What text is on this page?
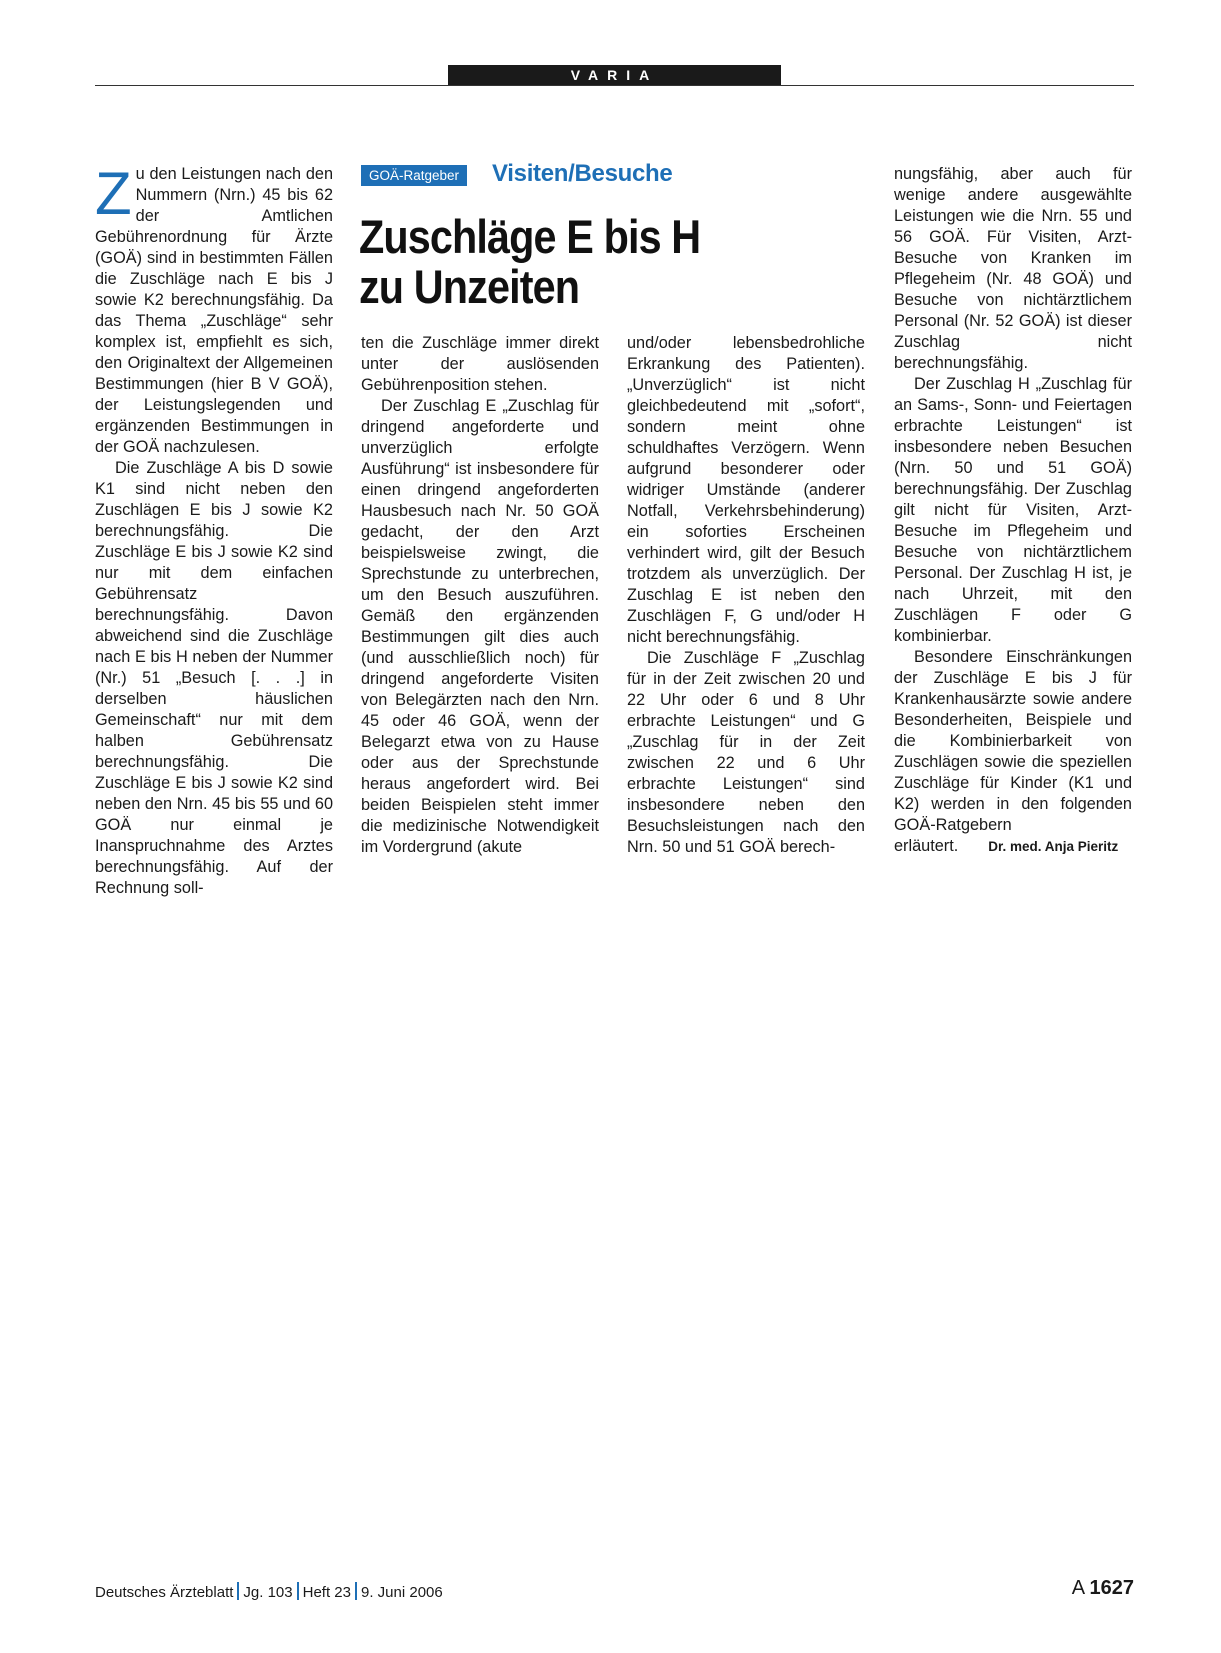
VARIA

Zu den Leistungen nach den Nummern (Nrn.) 45 bis 62 der Amtlichen Gebührenordnung für Ärzte (GOÄ) sind in bestimmten Fällen die Zuschläge nach E bis J sowie K2 berechnungsfähig. Da das Thema „Zuschläge“ sehr komplex ist, empfiehlt es sich, den Originaltext der Allgemeinen Bestimmungen (hier B V GOÄ), der Leistungslegenden und ergänzenden Bestimmungen in der GOÄ nachzulesen.

Die Zuschläge A bis D sowie K1 sind nicht neben den Zuschlägen E bis J sowie K2 berechnungsfähig. Die Zuschläge E bis J sowie K2 sind nur mit dem einfachen Gebührensatz berechnungsfähig. Davon abweichend sind die Zuschläge nach E bis H neben der Nummer (Nr.) 51 „Besuch [. . .] in derselben häuslichen Gemeinschaft“ nur mit dem halben Gebührensatz berechnungsfähig. Die Zuschläge E bis J sowie K2 sind neben den Nrn. 45 bis 55 und 60 GOÄ nur einmal je Inanspruchnahme des Arztes berechnungsfähig. Auf der Rechnung soll-

GOÄ-Ratgeber	Visiten/Besuche
Zuschläge E bis H
zu Unzeiten

ten die Zuschläge immer direkt unter der auslösenden Gebührenposition stehen.

Der Zuschlag E „Zuschlag für dringend angeforderte und unverzüglich erfolgte Ausführung“ ist insbesondere für einen dringend angeforderten Hausbesuch nach Nr. 50 GOÄ gedacht, der den Arzt beispielsweise zwingt, die Sprechstunde zu unterbrechen, um den Besuch auszuführen. Gemäß den ergänzenden Bestimmungen gilt dies auch (und ausschließlich noch) für dringend angeforderte Visiten von Belegärzten nach den Nrn. 45 oder 46 GOÄ, wenn der Belegarzt etwa von zu Hause oder aus der Sprechstunde heraus angefordert wird. Bei beiden Beispielen steht immer die medizinische Notwendigkeit im Vordergrund (akute

und/oder lebensbedrohliche Erkrankung des Patienten). „Unverzüglich“ ist nicht gleichbedeutend mit „sofort“, sondern meint ohne schuldhaftes Verzögern. Wenn aufgrund besonderer oder widriger Umstände (anderer Notfall, Verkehrsbehinderung) ein soforties Erscheinen verhindert wird, gilt der Besuch trotzdem als unverzüglich. Der Zuschlag E ist neben den Zuschlägen F, G und/oder H nicht berechnungsfähig.

Die Zuschläge F „Zuschlag für in der Zeit zwischen 20 und 22 Uhr oder 6 und 8 Uhr erbrachte Leistungen“ und G „Zuschlag für in der Zeit zwischen 22 und 6 Uhr erbrachte Leistungen“ sind insbesondere neben den Besuchsleistungen nach den Nrn. 50 und 51 GOÄ berech-

nungsfähig, aber auch für wenige andere ausgewählte Leistungen wie die Nrn. 55 und 56 GOÄ. Für Visiten, Arzt-Besuche von Kranken im Pflegeheim (Nr. 48 GOÄ) und Besuche von nichtärztlichem Personal (Nr. 52 GOÄ) ist dieser Zuschlag nicht berechnungsfähig.

Der Zuschlag H „Zuschlag für an Sams-, Sonn- und Feiertagen erbrachte Leistungen“ ist insbesondere neben Besuchen (Nrn. 50 und 51 GOÄ) berechnungsfähig. Der Zuschlag gilt nicht für Visiten, Arzt-Besuche im Pflegeheim und Besuche von nichtärztlichem Personal. Der Zuschlag H ist, je nach Uhrzeit, mit den Zuschlägen F oder G kombinierbar.

Besondere Einschränkungen der Zuschläge E bis J für Krankenhausärzte sowie andere Besonderheiten, Beispiele und die Kombinierbarkeit von Zuschlägen sowie die speziellen Zuschläge für Kinder (K1 und K2) werden in den folgenden GOÄ-Ratgebern erläutert. Dr. med. Anja Pieritz

Deutsches Ärzteblatt Jg. 103 Heft 23 9. Juni 2006	A 1627
